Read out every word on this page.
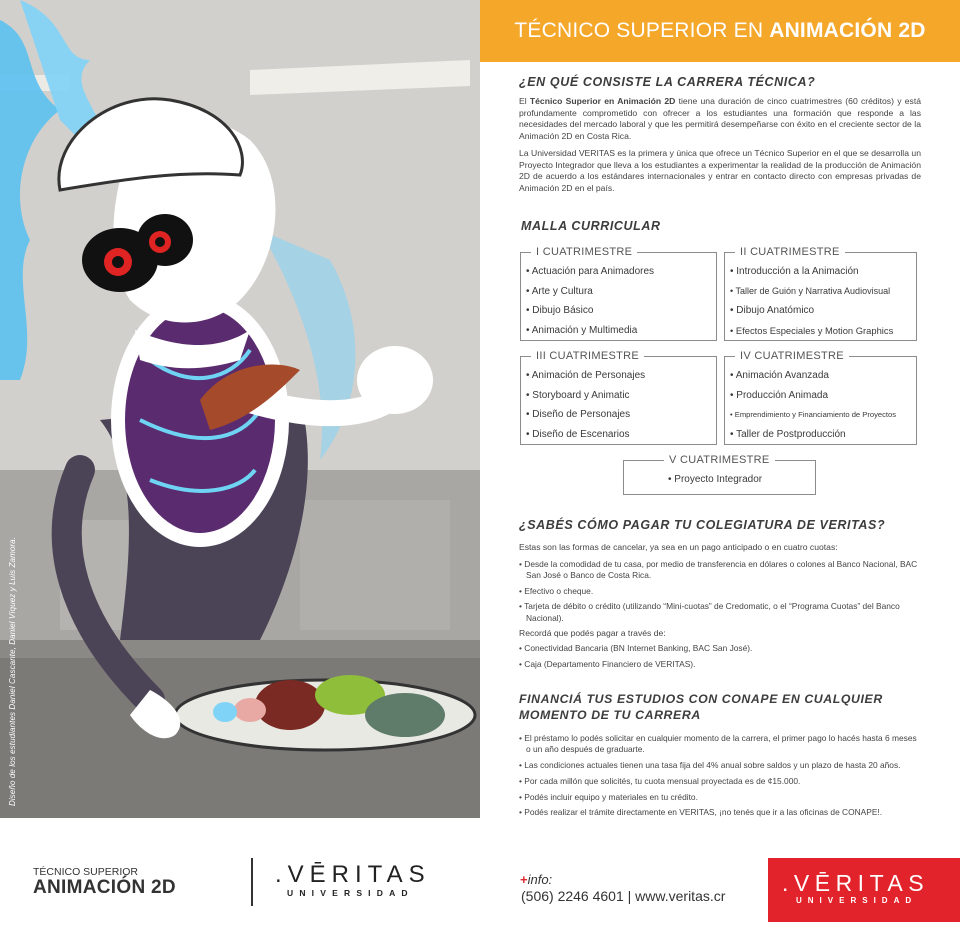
Diseño de los estudiantes Daniel Cascante, Daniel Víquez y Luis Zamora.
TÉCNICO SUPERIOR EN ANIMACIÓN 2D
¿EN QUÉ CONSISTE LA CARRERA TÉCNICA?

El Técnico Superior en Animación 2D tiene una duración de cinco cuatrimestres (60 créditos) y está profundamente comprometido con ofrecer a los estudiantes una formación que responde a las necesidades del mercado laboral y que les permitirá desempeñarse con éxito en el creciente sector de la Animación 2D en Costa Rica.

La Universidad VERITAS es la primera y única que ofrece un Técnico Superior en el que se desarrolla un Proyecto Integrador que lleva a los estudiantes a experimentar la realidad de la producción de Animación 2D de acuerdo a los estándares internacionales y entrar en contacto directo con empresas privadas de Animación 2D en el país.

MALLA CURRICULAR
I CUATRIMESTRE
• Actuación para Animadores
• Arte y Cultura
• Dibujo Básico
• Animación y Multimedia
II CUATRIMESTRE
• Introducción a la Animación
• Taller de Guión y Narrativa Audiovisual
• Dibujo Anatómico
• Efectos Especiales y Motion Graphics
III CUATRIMESTRE
• Animación de Personajes
• Storyboard y Animatic
• Diseño de Personajes
• Diseño de Escenarios
IV CUATRIMESTRE
• Animación Avanzada
• Producción Animada
• Emprendimiento y Financiamiento de Proyectos
• Taller de Postproducción
V CUATRIMESTRE
• Proyecto Integrador
¿SABÉS CÓMO PAGAR TU COLEGIATURA DE VERITAS?

Estas son las formas de cancelar, ya sea en un pago anticipado o en cuatro cuotas:

• Desde la comodidad de tu casa, por medio de transferencia en dólares o colones al Banco Nacional, BAC San José o Banco de Costa Rica.
• Efectivo o cheque.
• Tarjeta de débito o crédito (utilizando “Mini-cuotas” de Credomatic, o el “Programa Cuotas” del Banco Nacional).

Recordá que podés pagar a través de:

• Conectividad Bancaria (BN Internet Banking, BAC San José).
• Caja (Departamento Financiero de VERITAS).
FINANCIÁ TUS ESTUDIOS CON CONAPE EN CUALQUIER MOMENTO DE TU CARRERA
• El préstamo lo podés solicitar en cualquier momento de la carrera, el primer pago lo hacés hasta 6 meses o un año después de graduarte.
• Las condiciones actuales tienen una tasa fija del 4% anual sobre saldos y un plazo de hasta 20 años.
• Por cada millón que solicités, tu cuota mensual proyectada es de ¢15.000.
• Podés incluir equipo y materiales en tu crédito.
• Podés realizar el trámite directamente en VERITAS, ¡no tenés que ir a las oficinas de CONAPE!.
TÉCNICO SUPERIOR
ANIMACIÓN 2D	.VĒRITAS
UNIVERSIDAD
+info:
(506) 2246 4601 | www.veritas.cr .VĒRITAS
UNIVERSIDAD
